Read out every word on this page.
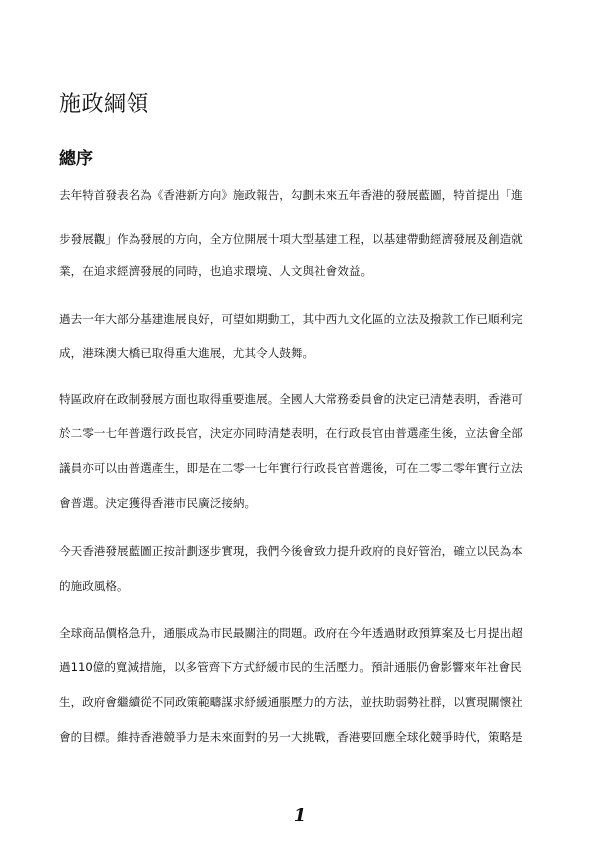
施政綱領
總序

去年特首發表名為《香港新方向》施政報告，勾劃未來五年香港的發展藍圖，特首提出「進

步發展觀」作為發展的方向，全方位開展十項大型基建工程，以基建帶動經濟發展及創造就

業，在追求經濟發展的同時，也追求環境、人文與社會效益。

過去一年大部分基建進展良好，可望如期動工，其中西九文化區的立法及撥款工作已順利完

成，港珠澳大橋已取得重大進展，尤其令人鼓舞。

特區政府在政制發展方面也取得重要進展。全國人大常務委員會的決定已清楚表明，香港可

於二零一七年普選行政長官，決定亦同時清楚表明，在行政長官由普選產生後，立法會全部

議員亦可以由普選產生，即是在二零一七年實行行政長官普選後，可在二零二零年實行立法

會普選。決定獲得香港市民廣泛接納。

今天香港發展藍圖正按計劃逐步實現，我們今後會致力提升政府的良好管治，確立以民為本

的施政風格。

全球商品價格急升，通脹成為市民最關注的問題。政府在今年透過財政預算案及七月提出超

過110億的寬減措施，以多管齊下方式紓緩市民的生活壓力。預計通脹仍會影響來年社會民

生，政府會繼續從不同政策範疇謀求紓緩通脹壓力的方法，並扶助弱勢社群，以實現關懷社

會的目標。維持香港競爭力是未來面對的另一大挑戰，香港要回應全球化競爭時代，策略是

1
